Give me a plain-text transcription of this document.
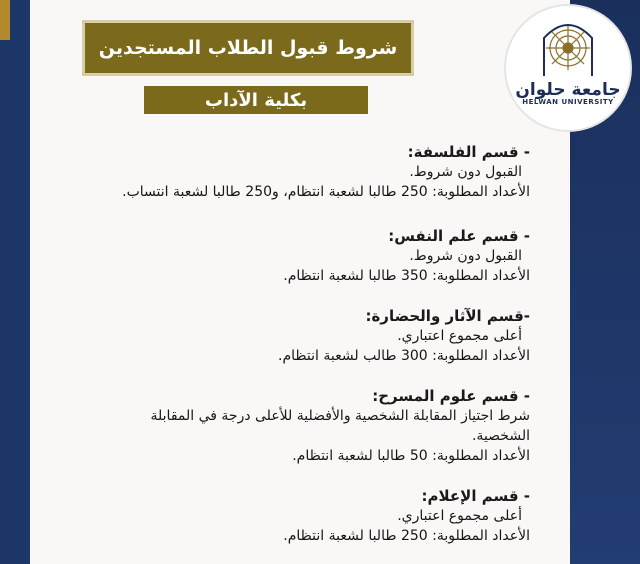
جامعة حلوان
HELWAN UNIVERSITY
شروط قبول الطلاب المستجدين
بكلية الآداب
- قسم الفلسفة:
القبول دون شروط.
الأعداد المطلوبة: 250 طالبا لشعبة انتظام، و250 طالبا لشعبة انتساب.
- قسم علم النفس:
القبول دون شروط.
الأعداد المطلوبة: 350 طالبا لشعبة انتظام.
-قسم الآثار والحضارة:
أعلى مجموع اعتباري.
الأعداد المطلوبة: 300 طالب لشعبة انتظام.
- قسم علوم المسرح:
شرط اجتياز المقابلة الشخصية والأفضلية للأعلى درجة في المقابلة
الشخصية.
الأعداد المطلوبة: 50 طالبا لشعبة انتظام.
- قسم الإعلام:
أعلى مجموع اعتباري.
الأعداد المطلوبة: 250 طالبا لشعبة انتظام.
